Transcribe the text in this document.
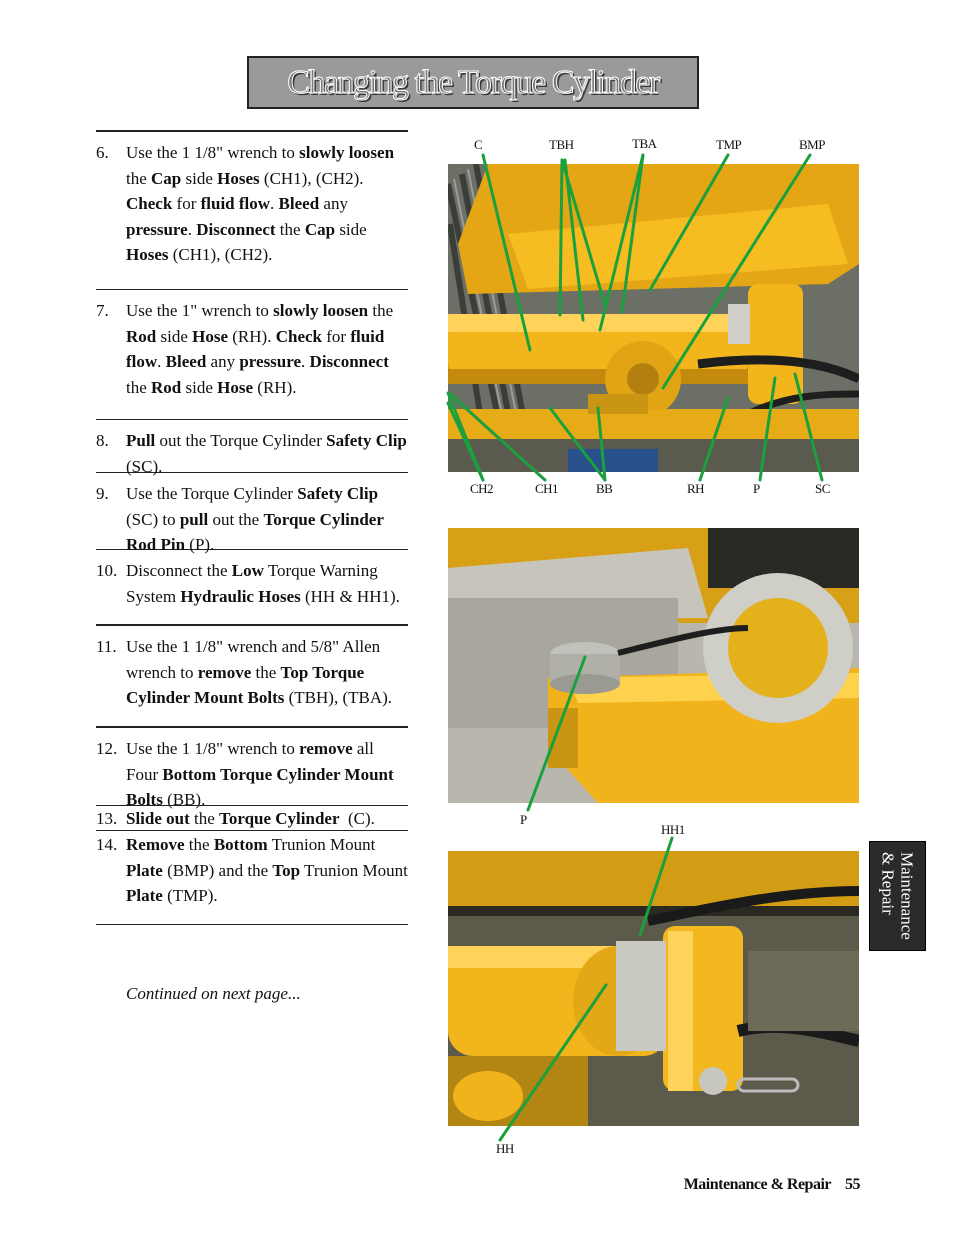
Changing the Torque Cylinder
6.	Use the 1 1/8" wrench to slowly loosen the Cap side Hoses (CH1), (CH2). Check for fluid flow. Bleed any pressure. Disconnect the Cap side Hoses (CH1), (CH2).
7.	Use the 1" wrench to slowly loosen the Rod side Hose (RH). Check for fluid flow. Bleed any pressure. Disconnect the Rod side Hose (RH).
8.	Pull out the Torque Cylinder Safety Clip (SC).
9.	Use the Torque Cylinder Safety Clip (SC) to pull out the Torque Cylinder Rod Pin (P).
10. Disconnect the Low Torque Warning System Hydraulic Hoses (HH & HH1).
11. Use the 1 1/8" wrench and 5/8" Allen wrench to remove the Top Torque Cylinder Mount Bolts (TBH), (TBA).
12. Use the 1 1/8" wrench to remove all Four Bottom Torque Cylinder Mount Bolts (BB).
13. Slide out the Torque Cylinder  (C).
14. Remove the Bottom Trunion Mount Plate (BMP) and the Top Trunion Mount Plate (TMP).
Continued on next page...
C	TBH	TBA	TMP	BMP
CH2	CH1	BB	RH	P	SC
P
HH1
HH
Maintenance
& Repair
Maintenance & Repair 55
